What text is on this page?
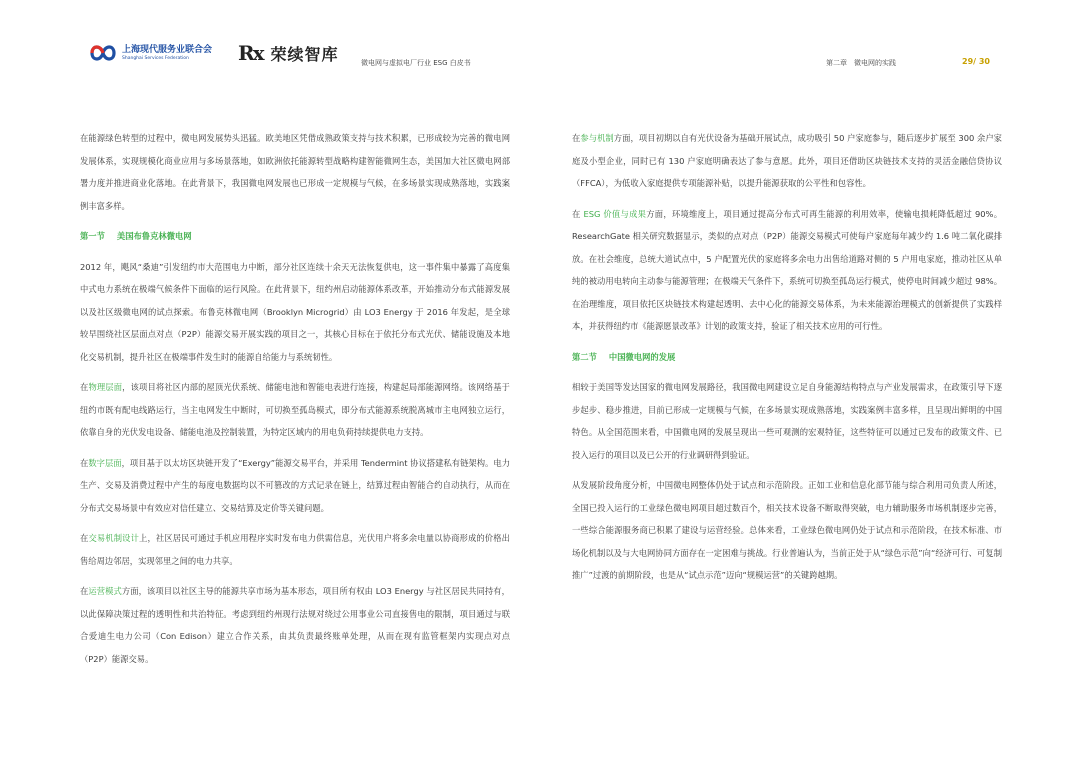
上海现代服务业联合会
Shanghai Services Federation	Rx 荣续智库	微电网与虚拟电厂行业 ESG 白皮书	第二章　微电网的实践	29/ 30

在能源绿色转型的过程中，微电网发展势头迅猛。欧美地区凭借成熟政策支持与技术积累，已形成较为完善的微电网发展体系，实现规模化商业应用与多场景落地，如欧洲依托能源转型战略构建智能微网生态，美国加大社区微电网部署力度并推进商业化落地。在此背景下，我国微电网发展也已形成一定规模与气候，在多场景实现成熟落地，实践案例丰富多样。

第一节 美国布鲁克林微电网

2012 年，飓风“桑迪”引发纽约市大范围电力中断，部分社区连续十余天无法恢复供电，这一事件集中暴露了高度集中式电力系统在极端气候条件下面临的运行风险。在此背景下，纽约州启动能源体系改革，开始推动分布式能源发展以及社区级微电网的试点探索。布鲁克林微电网（Brooklyn Microgrid）由 LO3 Energy 于 2016 年发起，是全球较早围绕社区层面点对点（P2P）能源交易开展实践的项目之一，其核心目标在于依托分布式光伏、储能设施及本地化交易机制，提升社区在极端事件发生时的能源自给能力与系统韧性。

在物理层面，该项目将社区内部的屋顶光伏系统、储能电池和智能电表进行连接，构建起局部能源网络。该网络基于纽约市既有配电线路运行，当主电网发生中断时，可切换至孤岛模式，即分布式能源系统脱离城市主电网独立运行，依靠自身的光伏发电设备、储能电池及控制装置，为特定区域内的用电负荷持续提供电力支持。

在数字层面，项目基于以太坊区块链开发了“Exergy”能源交易平台，并采用 Tendermint 协议搭建私有链架构。电力生产、交易及消费过程中产生的每度电数据均以不可篡改的方式记录在链上，结算过程由智能合约自动执行，从而在分布式交易场景中有效应对信任建立、交易结算及定价等关键问题。

在交易机制设计上，社区居民可通过手机应用程序实时发布电力供需信息，光伏用户将多余电量以协商形成的价格出售给周边邻居，实现邻里之间的电力共享。

在运营模式方面，该项目以社区主导的能源共享市场为基本形态，项目所有权由 LO3 Energy 与社区居民共同持有，以此保障决策过程的透明性和共治特征。考虑到纽约州现行法规对绕过公用事业公司直接售电的限制，项目通过与联合爱迪生电力公司（Con Edison）建立合作关系，由其负责最终账单处理，从而在现有监管框架内实现点对点（P2P）能源交易。

在参与机制方面，项目初期以自有光伏设备为基础开展试点，成功吸引 50 户家庭参与，随后逐步扩展至 300 余户家庭及小型企业，同时已有 130 户家庭明确表达了参与意愿。此外，项目还借助区块链技术支持的灵活金融信贷协议（FFCA），为低收入家庭提供专项能源补贴，以提升能源获取的公平性和包容性。

在 ESG 价值与成果方面，环境维度上，项目通过提高分布式可再生能源的利用效率，使输电损耗降低超过 90%。ResearchGate 相关研究数据显示，类似的点对点（P2P）能源交易模式可使每户家庭每年减少约 1.6 吨二氧化碳排放。在社会维度，总统大道试点中，5 户配置光伏的家庭将多余电力出售给道路对侧的 5 户用电家庭，推动社区从单纯的被动用电转向主动参与能源管理；在极端天气条件下，系统可切换至孤岛运行模式，使停电时间减少超过 98%。在治理维度，项目依托区块链技术构建起透明、去中心化的能源交易体系，为未来能源治理模式的创新提供了实践样本，并获得纽约市《能源愿景改革》计划的政策支持，验证了相关技术应用的可行性。

第二节 中国微电网的发展

相较于美国等发达国家的微电网发展路径，我国微电网建设立足自身能源结构特点与产业发展需求，在政策引导下逐步起步、稳步推进，目前已形成一定规模与气候，在多场景实现成熟落地，实践案例丰富多样，且呈现出鲜明的中国特色。从全国范围来看，中国微电网的发展呈现出一些可观测的宏观特征，这些特征可以通过已发布的政策文件、已投入运行的项目以及已公开的行业调研得到验证。

从发展阶段角度分析，中国微电网整体仍处于试点和示范阶段。正如工业和信息化部节能与综合利用司负责人所述，全国已投入运行的工业绿色微电网项目超过数百个，相关技术设备不断取得突破，电力辅助服务市场机制逐步完善，一些综合能源服务商已积累了建设与运营经验。总体来看，工业绿色微电网仍处于试点和示范阶段，在技术标准、市场化机制以及与大电网协同方面存在一定困难与挑战。行业普遍认为，当前正处于从“绿色示范”向“经济可行、可复制推广”过渡的前期阶段，也是从“试点示范”迈向“规模运营”的关键跨越期。
